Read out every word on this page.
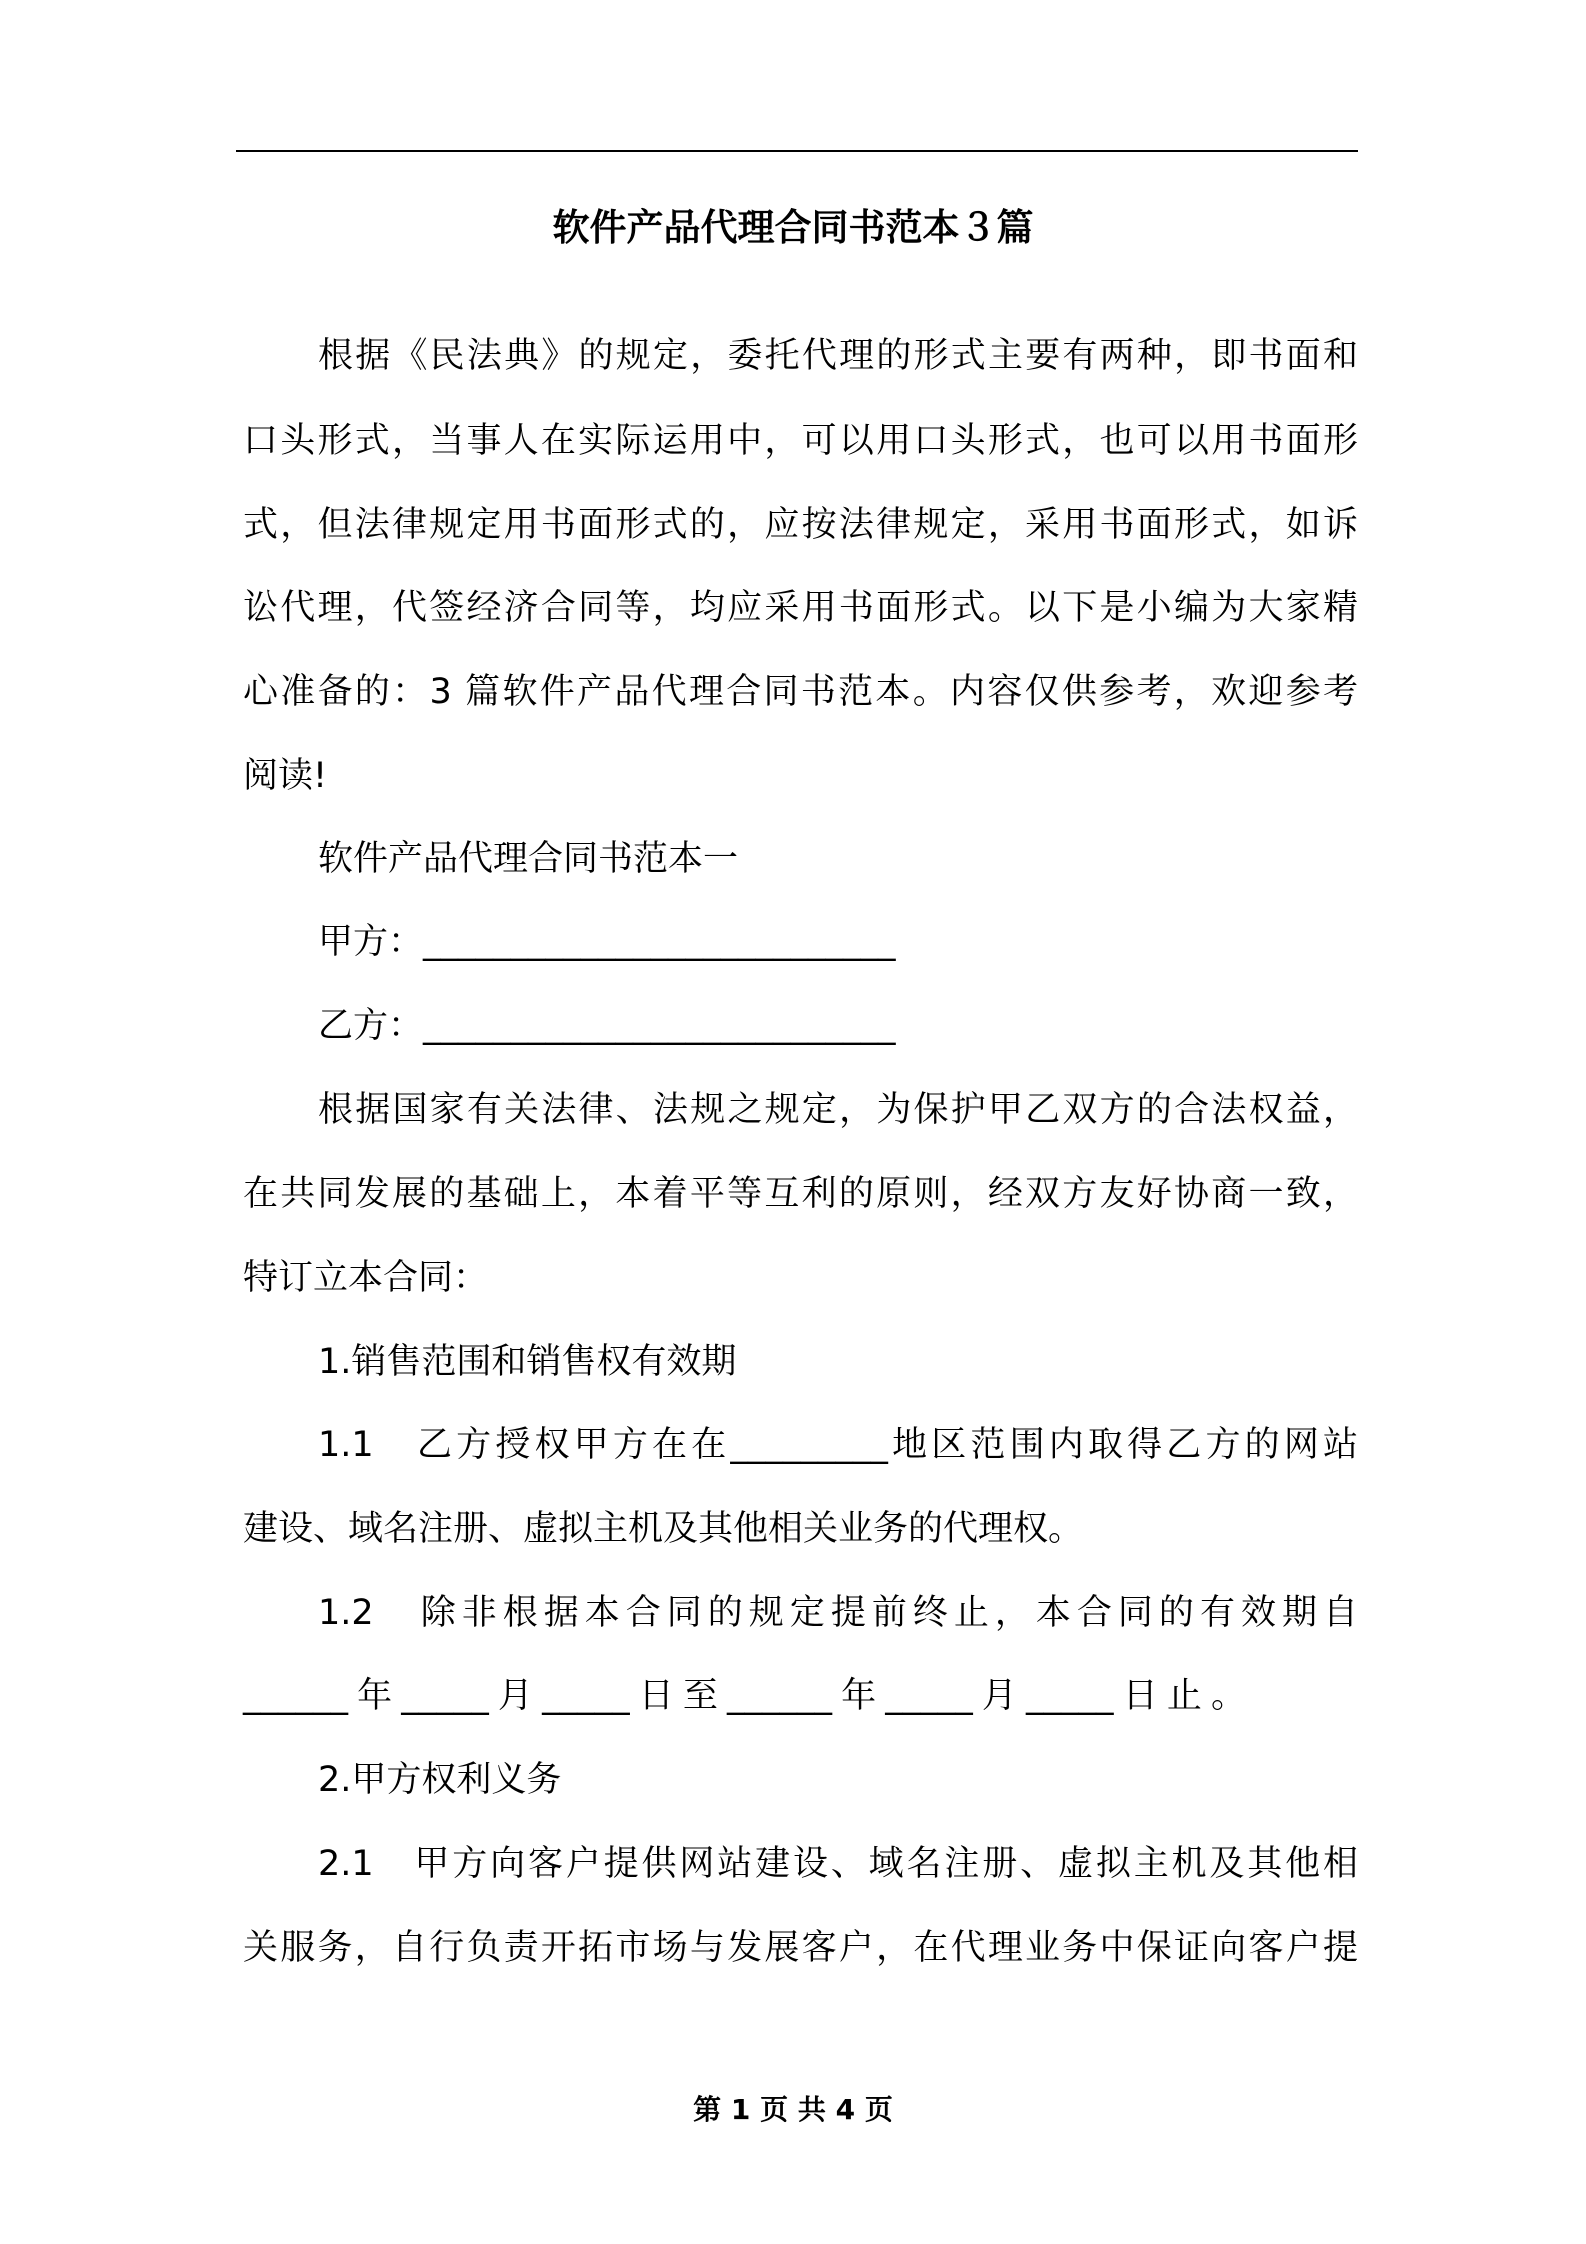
软件产品代理合同书范本３篇
根据《民法典》的规定，委托代理的形式主要有两种，即书面和
口头形式，当事人在实际运用中，可以用口头形式，也可以用书面形
式，但法律规定用书面形式的，应按法律规定，采用书面形式，如诉
讼代理，代签经济合同等，均应采用书面形式。以下是小编为大家精
心准备的：3 篇软件产品代理合同书范本。内容仅供参考，欢迎参考
阅读!
软件产品代理合同书范本一
甲方：___________________________
乙方：___________________________
根据国家有关法律、法规之规定，为保护甲乙双方的合法权益，
在共同发展的基础上，本着平等互利的原则，经双方友好协商一致，
特订立本合同：
1.销售范围和销售权有效期
1.1　乙方授权甲方在在_________地区范围内取得乙方的网站
建设、域名注册、虚拟主机及其他相关业务的代理权。
1.2　除非根据本合同的规定提前终止，本合同的有效期自
______年_____月_____日至______年_____月_____日止。
2.甲方权利义务
2.1　甲方向客户提供网站建设、域名注册、虚拟主机及其他相
关服务，自行负责开拓市场与发展客户，在代理业务中保证向客户提
第 1 页 共 4 页
